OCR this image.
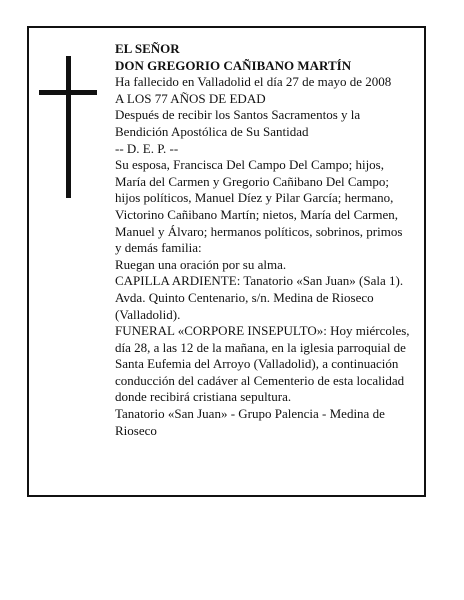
EL SEÑOR

DON GREGORIO CAÑIBANO MARTÍN

Ha fallecido en Valladolid el día 27 de mayo de 2008

A LOS 77 AÑOS DE EDAD

Después de recibir los Santos Sacramentos y la

Bendición Apostólica de Su Santidad

-- D. E. P. --

Su esposa, Francisca Del Campo Del Campo; hijos,

María del Carmen y Gregorio Cañibano Del Campo;

hijos políticos, Manuel Díez y Pilar García; hermano,

Victorino Cañibano Martín; nietos, María del Carmen,

Manuel y Álvaro; hermanos políticos, sobrinos, primos

y demás familia:

Ruegan una oración por su alma.

CAPILLA ARDIENTE: Tanatorio «San Juan» (Sala 1).

Avda. Quinto Centenario, s/n. Medina de Rioseco

(Valladolid).

FUNERAL «CORPORE INSEPULTO»: Hoy miércoles,

día 28, a las 12 de la mañana, en la iglesia parroquial de

Santa Eufemia del Arroyo (Valladolid), a continuación

conducción del cadáver al Cementerio de esta localidad

donde recibirá cristiana sepultura.

Tanatorio «San Juan» - Grupo Palencia - Medina de

Rioseco
